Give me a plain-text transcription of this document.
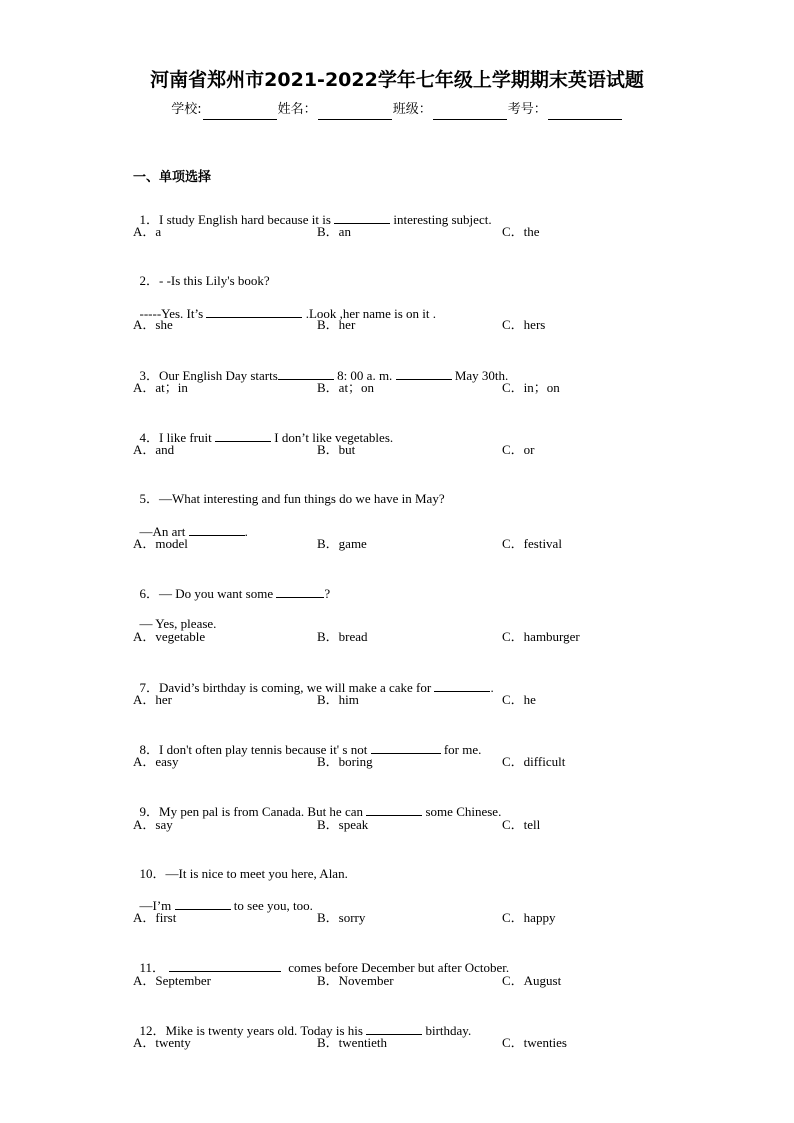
河南省郑州市2021-2022学年七年级上学期期末英语试题
学校:	姓名：	班级：	考号：
一、单项选择

1．I study English hard because it is	interesting subject.

A．a	B．an	C．the

2．- -Is this Lily's book?

-----Yes. It’s	.Look ,her name is on it .

A．she	B．her	C．hers

3．Our English Day starts	8: 00 a. m.	May 30th.

A．at；in	B．at；on	C．in；on

4．I like fruit	I don’t like vegetables.

A．and	B．but	C．or

5．—What interesting and fun things do we have in May?

—An art	.

A．model	B．game	C．festival

6．— Do you want some	?

— Yes, please.

A．vegetable	B．bread	C．hamburger

7．David’s birthday is coming, we will make a cake for	.

A．her	B．him	C．he

8．I don't often play tennis because it' s not	for me.

A．easy	B．boring	C．difficult

9．My pen pal is from Canada. But he can	some Chinese.

A．say	B．speak	C．tell

10．—It is nice to meet you here, Alan.

—I’m	to see you, too.

A．first	B．sorry	C．happy

11．	comes before December but after October.

A．September	B．November	C．August

12．Mike is twenty years old. Today is his	birthday.

A．twenty	B．twentieth	C．twenties
